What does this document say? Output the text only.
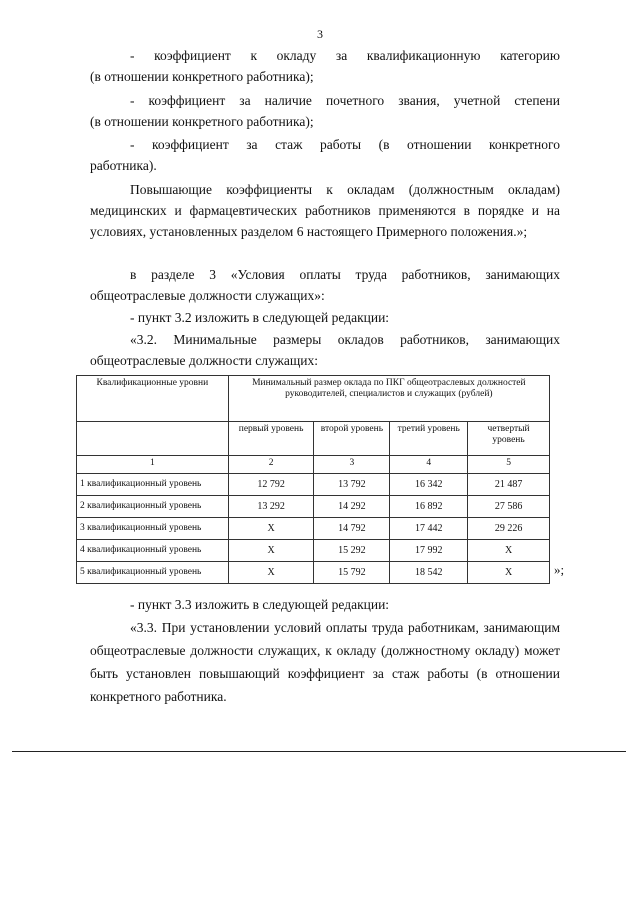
3

- коэффициент к окладу за квалификационную категорию

(в отношении конкретного работника);

- коэффициент за наличие почетного звания, учетной степени

(в отношении конкретного работника);

- коэффициент за стаж работы (в отношении конкретного

работника).

Повышающие коэффициенты к окладам (должностным окладам) медицинских и фармацевтических работников применяются в порядке и на условиях, установленных разделом 6 настоящего Примерного положения.»;

в разделе 3 «Условия оплаты труда работников, занимающих общеотраслевые должности служащих»:

- пункт 3.2 изложить в следующей редакции:

«3.2. Минимальные размеры окладов работников, занимающих общеотраслевые должности служащих:

Квалификационные уровни	Минимальный размер оклада по ПКГ общеотраслевых должностей руководителей, специалистов и служащих (рублей)			
	первый уровень	второй уровень	третий уровень	четвертый уровень
1	2	3	4	5
1 квалификационный уровень	12 792	13 792	16 342	21 487
2 квалификационный уровень	13 292	14 292	16 892	27 586
3 квалификационный уровень	Х	14 792	17 442	29 226
4 квалификационный уровень	Х	15 292	17 992	Х
5 квалификационный уровень	Х	15 792	18 542	Х	»;

- пункт 3.3 изложить в следующей редакции:

«3.3. При установлении условий оплаты труда работникам, занимающим общеотраслевые должности служащих, к окладу (должностному окладу) может быть установлен повышающий коэффициент за стаж работы (в отношении конкретного работника.
